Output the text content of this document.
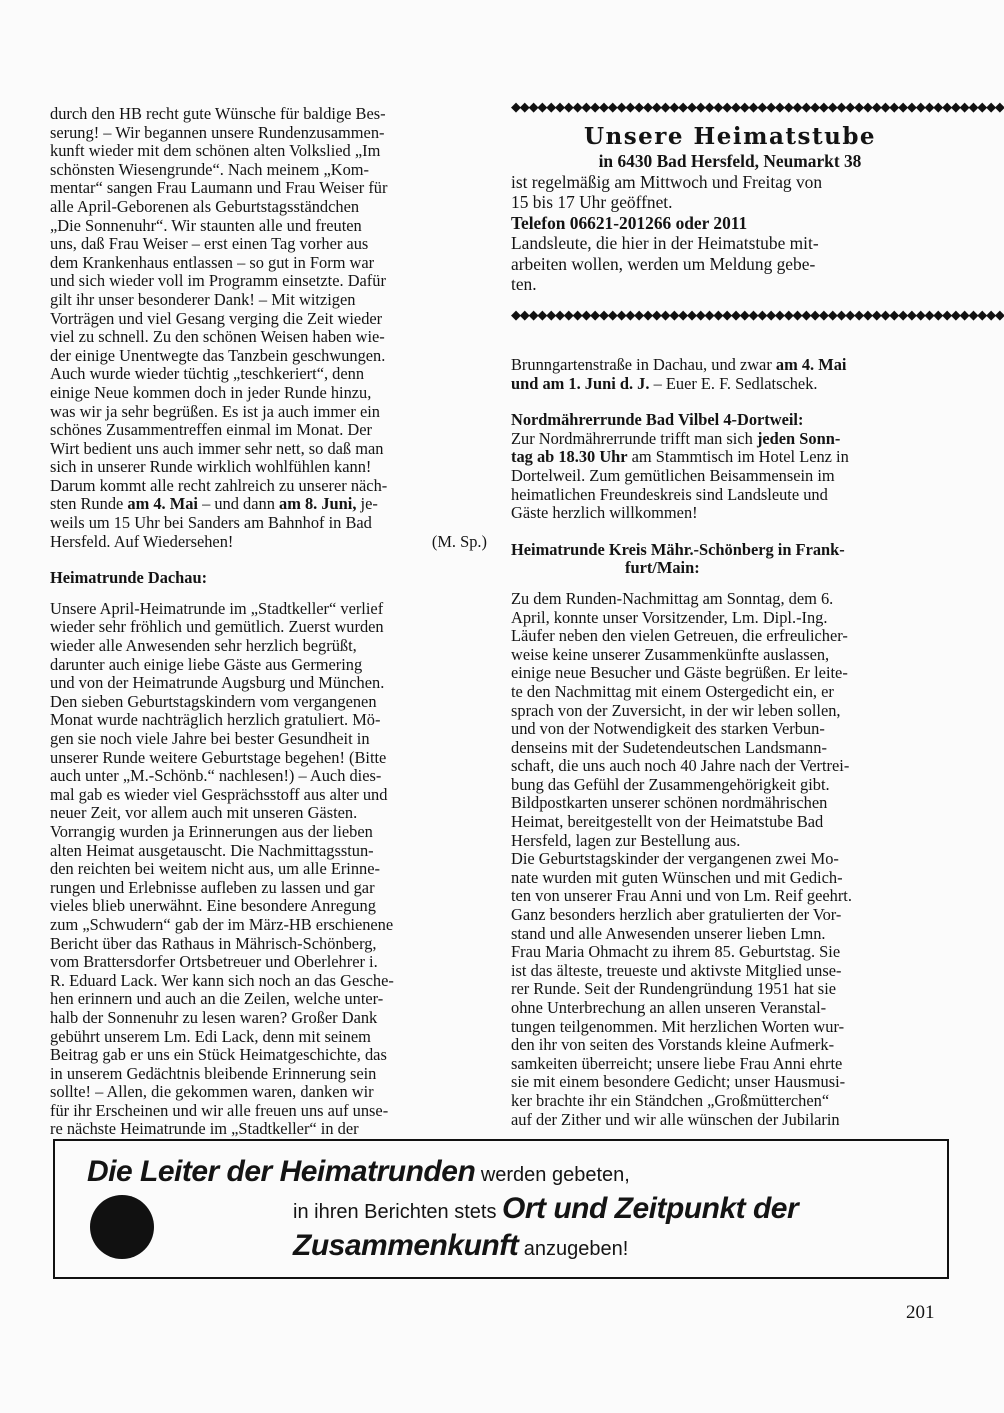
durch den HB recht gute Wünsche für baldige Bes-
serung! – Wir begannen unsere Rundenzusammen-
kunft wieder mit dem schönen alten Volkslied „Im
schönsten Wiesengrunde“. Nach meinem „Kom-
mentar“ sangen Frau Laumann und Frau Weiser für
alle April-Geborenen als Geburtstagsständchen
„Die Sonnenuhr“. Wir staunten alle und freuten
uns, daß Frau Weiser – erst einen Tag vorher aus
dem Krankenhaus entlassen – so gut in Form war
und sich wieder voll im Programm einsetzte. Dafür
gilt ihr unser besonderer Dank! – Mit witzigen
Vorträgen und viel Gesang verging die Zeit wieder
viel zu schnell. Zu den schönen Weisen haben wie-
der einige Unentwegte das Tanzbein geschwungen.
Auch wurde wieder tüchtig „teschkeriert“, denn
einige Neue kommen doch in jeder Runde hinzu,
was wir ja sehr begrüßen. Es ist ja auch immer ein
schönes Zusammentreffen einmal im Monat. Der
Wirt bedient uns auch immer sehr nett, so daß man
sich in unserer Runde wirklich wohlfühlen kann!
Darum kommt alle recht zahlreich zu unserer näch-
sten Runde am 4. Mai – und dann am 8. Juni, je-
weils um 15 Uhr bei Sanders am Bahnhof in Bad

Hersfeld. Auf Wiedersehen!	(M. Sp.)
Heimatrunde Dachau:

Unsere April-Heimatrunde im „Stadtkeller“ verlief
wieder sehr fröhlich und gemütlich. Zuerst wurden
wieder alle Anwesenden sehr herzlich begrüßt,
darunter auch einige liebe Gäste aus Germering
und von der Heimatrunde Augsburg und München.
Den sieben Geburtstagskindern vom vergangenen
Monat wurde nachträglich herzlich gratuliert. Mö-
gen sie noch viele Jahre bei bester Gesundheit in
unserer Runde weitere Geburtstage begehen! (Bitte
auch unter „M.-Schönb.“ nachlesen!) – Auch dies-
mal gab es wieder viel Gesprächsstoff aus alter und
neuer Zeit, vor allem auch mit unseren Gästen.
Vorrangig wurden ja Erinnerungen aus der lieben
alten Heimat ausgetauscht. Die Nachmittagsstun-
den reichten bei weitem nicht aus, um alle Erinne-
rungen und Erlebnisse aufleben zu lassen und gar
vieles blieb unerwähnt. Eine besondere Anregung
zum „Schwudern“ gab der im März-HB erschienene
Bericht über das Rathaus in Mährisch-Schönberg,
vom Brattersdorfer Ortsbetreuer und Oberlehrer i.
R. Eduard Lack. Wer kann sich noch an das Gesche-
hen erinnern und auch an die Zeilen, welche unter-
halb der Sonnenuhr zu lesen waren? Großer Dank
gebührt unserem Lm. Edi Lack, denn mit seinem
Beitrag gab er uns ein Stück Heimatgeschichte, das
in unserem Gedächtnis bleibende Erinnerung sein
sollte! – Allen, die gekommen waren, danken wir
für ihr Erscheinen und wir alle freuen uns auf unse-
re nächste Heimatrunde im „Stadtkeller“ in der

◆◆◆◆◆◆◆◆◆◆◆◆◆◆◆◆◆◆◆◆◆◆◆◆◆◆◆◆◆◆◆◆◆◆◆◆◆◆◆◆◆◆◆◆◆◆◆◆◆◆◆◆◆◆◆◆
Unsere Heimatstube
in 6430 Bad Hersfeld, Neumarkt 38

ist regelmäßig am Mittwoch und Freitag von
15 bis 17 Uhr geöffnet.
Telefon 06621-201266 oder 2011
Landsleute, die hier in der Heimatstube mit-
arbeiten wollen, werden um Meldung gebe-
ten.

◆◆◆◆◆◆◆◆◆◆◆◆◆◆◆◆◆◆◆◆◆◆◆◆◆◆◆◆◆◆◆◆◆◆◆◆◆◆◆◆◆◆◆◆◆◆◆◆◆◆◆◆◆◆◆◆

Brunngartenstraße in Dachau, und zwar am 4. Mai
und am 1. Juni d. J. – Euer E. F. Sedlatschek.

Nordmährerrunde Bad Vilbel 4-Dortweil:

Zur Nordmährerrunde trifft man sich jeden Sonn-
tag ab 18.30 Uhr am Stammtisch im Hotel Lenz in
Dortelweil. Zum gemütlichen Beisammensein im
heimatlichen Freundeskreis sind Landsleute und
Gäste herzlich willkommen!

Heimatrunde Kreis Mähr.-Schönberg in Frank-
furt/Main:

Zu dem Runden-Nachmittag am Sonntag, dem 6.
April, konnte unser Vorsitzender, Lm. Dipl.-Ing.
Läufer neben den vielen Getreuen, die erfreulicher-
weise keine unserer Zusammenkünfte auslassen,
einige neue Besucher und Gäste begrüßen. Er leite-
te den Nachmittag mit einem Ostergedicht ein, er
sprach von der Zuversicht, in der wir leben sollen,
und von der Notwendigkeit des starken Verbun-
denseins mit der Sudetendeutschen Landsmann-
schaft, die uns auch noch 40 Jahre nach der Vertrei-
bung das Gefühl der Zusammengehörigkeit gibt.
Bildpostkarten unserer schönen nordmährischen
Heimat, bereitgestellt von der Heimatstube Bad
Hersfeld, lagen zur Bestellung aus.

Die Geburtstagskinder der vergangenen zwei Mo-
nate wurden mit guten Wünschen und mit Gedich-
ten von unserer Frau Anni und von Lm. Reif geehrt.
Ganz besonders herzlich aber gratulierten der Vor-
stand und alle Anwesenden unserer lieben Lmn.
Frau Maria Ohmacht zu ihrem 85. Geburtstag. Sie
ist das älteste, treueste und aktivste Mitglied unse-
rer Runde. Seit der Rundengründung 1951 hat sie
ohne Unterbrechung an allen unseren Veranstal-
tungen teilgenommen. Mit herzlichen Worten wur-
den ihr von seiten des Vorstands kleine Aufmerk-
samkeiten überreicht; unsere liebe Frau Anni ehrte
sie mit einem besondere Gedicht; unser Hausmusi-
ker brachte ihr ein Ständchen „Großmütterchen“
auf der Zither und wir alle wünschen der Jubilarin

Die Leiter der Heimatrunden werden gebeten,
in ihren Berichten stets Ort und Zeitpunkt der
Zusammenkunft anzugeben!
201
